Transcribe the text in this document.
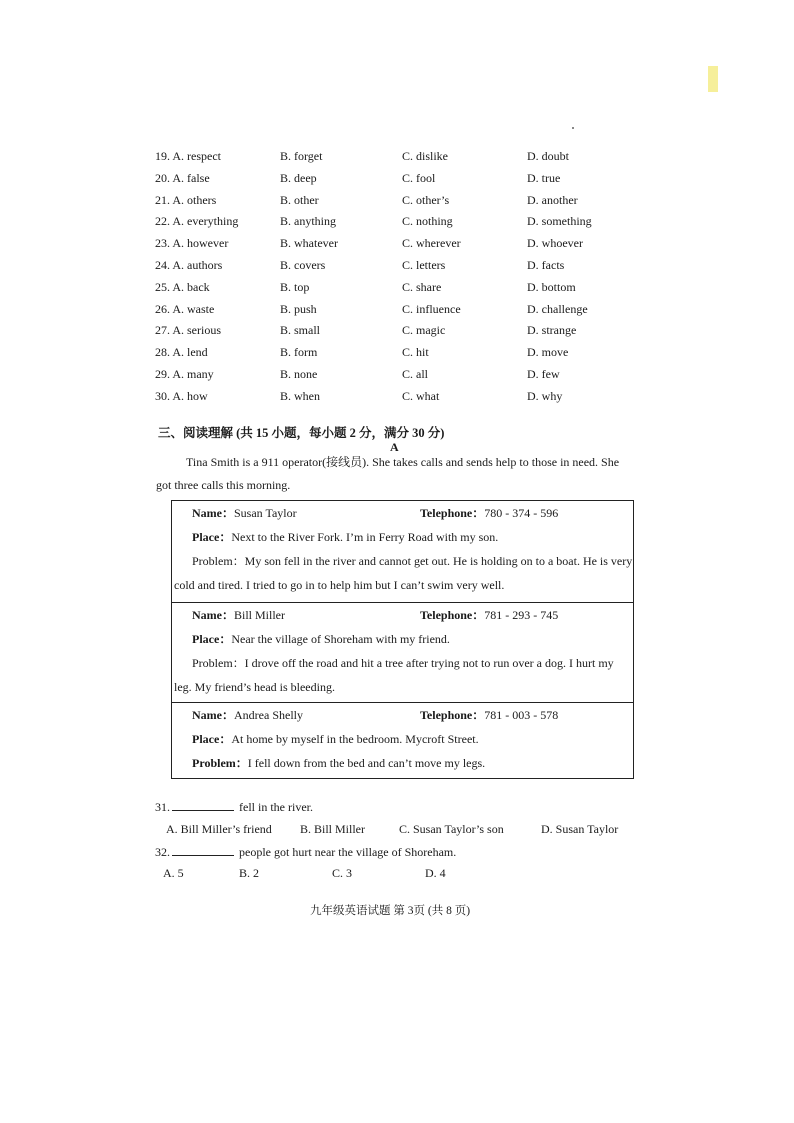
19. A. respect	B. forget	C. dislike	D. doubt
20. A. false	B. deep	C. fool	D. true
21. A. others	B. other	C. other’s	D. another
22. A. everything	B. anything	C. nothing	D. something
23. A. however	B. whatever	C. wherever	D. whoever
24. A. authors	B. covers	C. letters	D. facts
25. A. back	B. top	C. share	D. bottom
26. A. waste	B. push	C. influence	D. challenge
27. A. serious	B. small	C. magic	D. strange
28. A. lend	B. form	C. hit	D. move
29. A. many	B. none	C. all	D. few
30. A. how	B. when	C. what	D. why
三、阅读理解 (共 15 小题，每小题 2 分，满分 30 分)
A
Tina Smith is a 911 operator(接线员). She takes calls and sends help to those in need. She got three calls this morning.
Name：Susan Taylor	Telephone：780 - 374 - 596
Place：Next to the River Fork. I’m in Ferry Road with my son.
Problem：My son fell in the river and cannot get out. He is holding on to a boat. He is very cold and tired. I tried to go in to help him but I can’t swim very well.
Name：Bill Miller	Telephone：781 - 293 - 745
Place：Near the village of Shoreham with my friend.
Problem：I drove off the road and hit a tree after trying not to run over a dog. I hurt my leg. My friend’s head is bleeding.
Name：Andrea Shelly	Telephone：781 - 003 - 578
Place：At home by myself in the bedroom. Mycroft Street.
Problem：I fell down from the bed and can’t move my legs.
31.	fell in the river.
A. Bill Miller’s friend B. Bill Miller	C. Susan Taylor’s son	D. Susan Taylor
32.	people got hurt near the village of Shoreham.
A. 5	B. 2	C. 3	D. 4
九年级英语试题 第 3页 (共 8 页)
